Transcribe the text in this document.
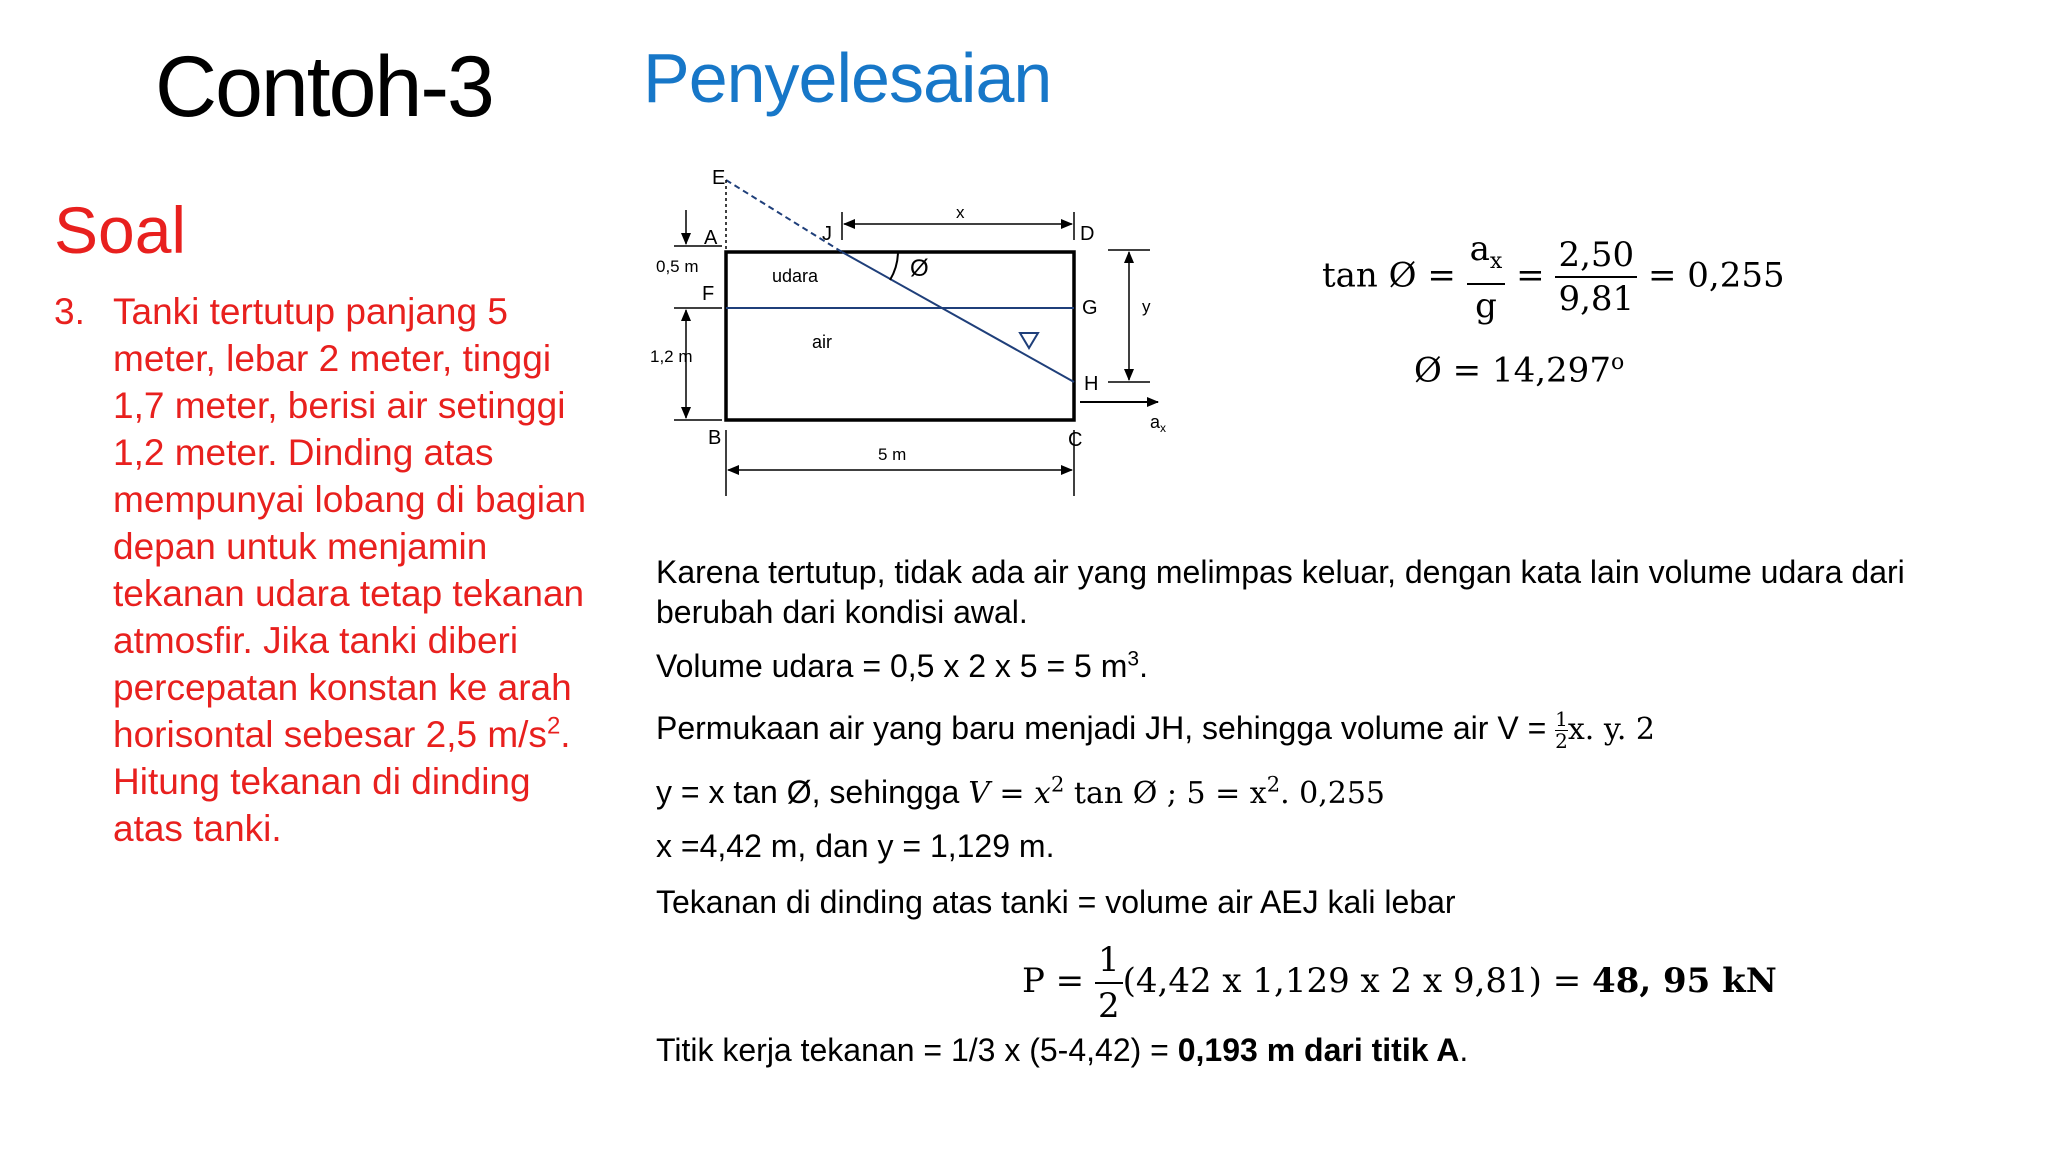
Contoh-3 Penyelesaian
Soal
3. Tanki tertutup panjang 5 meter, lebar 2 meter, tinggi 1,7 meter, berisi air setinggi 1,2 meter. Dinding atas mempunyai lobang di bagian depan untuk menjamin tekanan udara tetap tekanan atmosfir. Jika tanki diberi percepatan konstan ke arah horisontal sebesar 2,5 $m/s^2$. Hitung tekanan di dinding atas tanki.
E
A	J	D
F
G
H
B	C
x
y
Ø
$a_x$
0,5 m
1,2 m
5 m
udara
air
tan Ø = $\frac{a_x}{g} = \frac{2,50}{9,81} = 0,255$
Ø = $14,297^o$
Karena tertutup, tidak ada air yang melimpas keluar, dengan kata lain volume udara dari
berubah dari kondisi awal.
Volume udara = 0,5 x 2 x 5 = 5 $m^3$.
Permukaan air yang baru menjadi JH, sehingga volume air $V = \frac{1}{2} x$. y. 2
y = x tan Ø, sehingga $V = x^2$ tan Ø ; $5 = x^2$. 0,255
x =4,42 m, dan y = 1,129 m.
Tekanan di dinding atas tanki = volume air AEJ kali lebar
$P = \frac{1}{2} (4,42$ x 1,129 x 2 x 9,81) = 48, 95 kN
Titik kerja tekanan = 1/3 x (5-4,42) = 0,193 m dari titik A.
